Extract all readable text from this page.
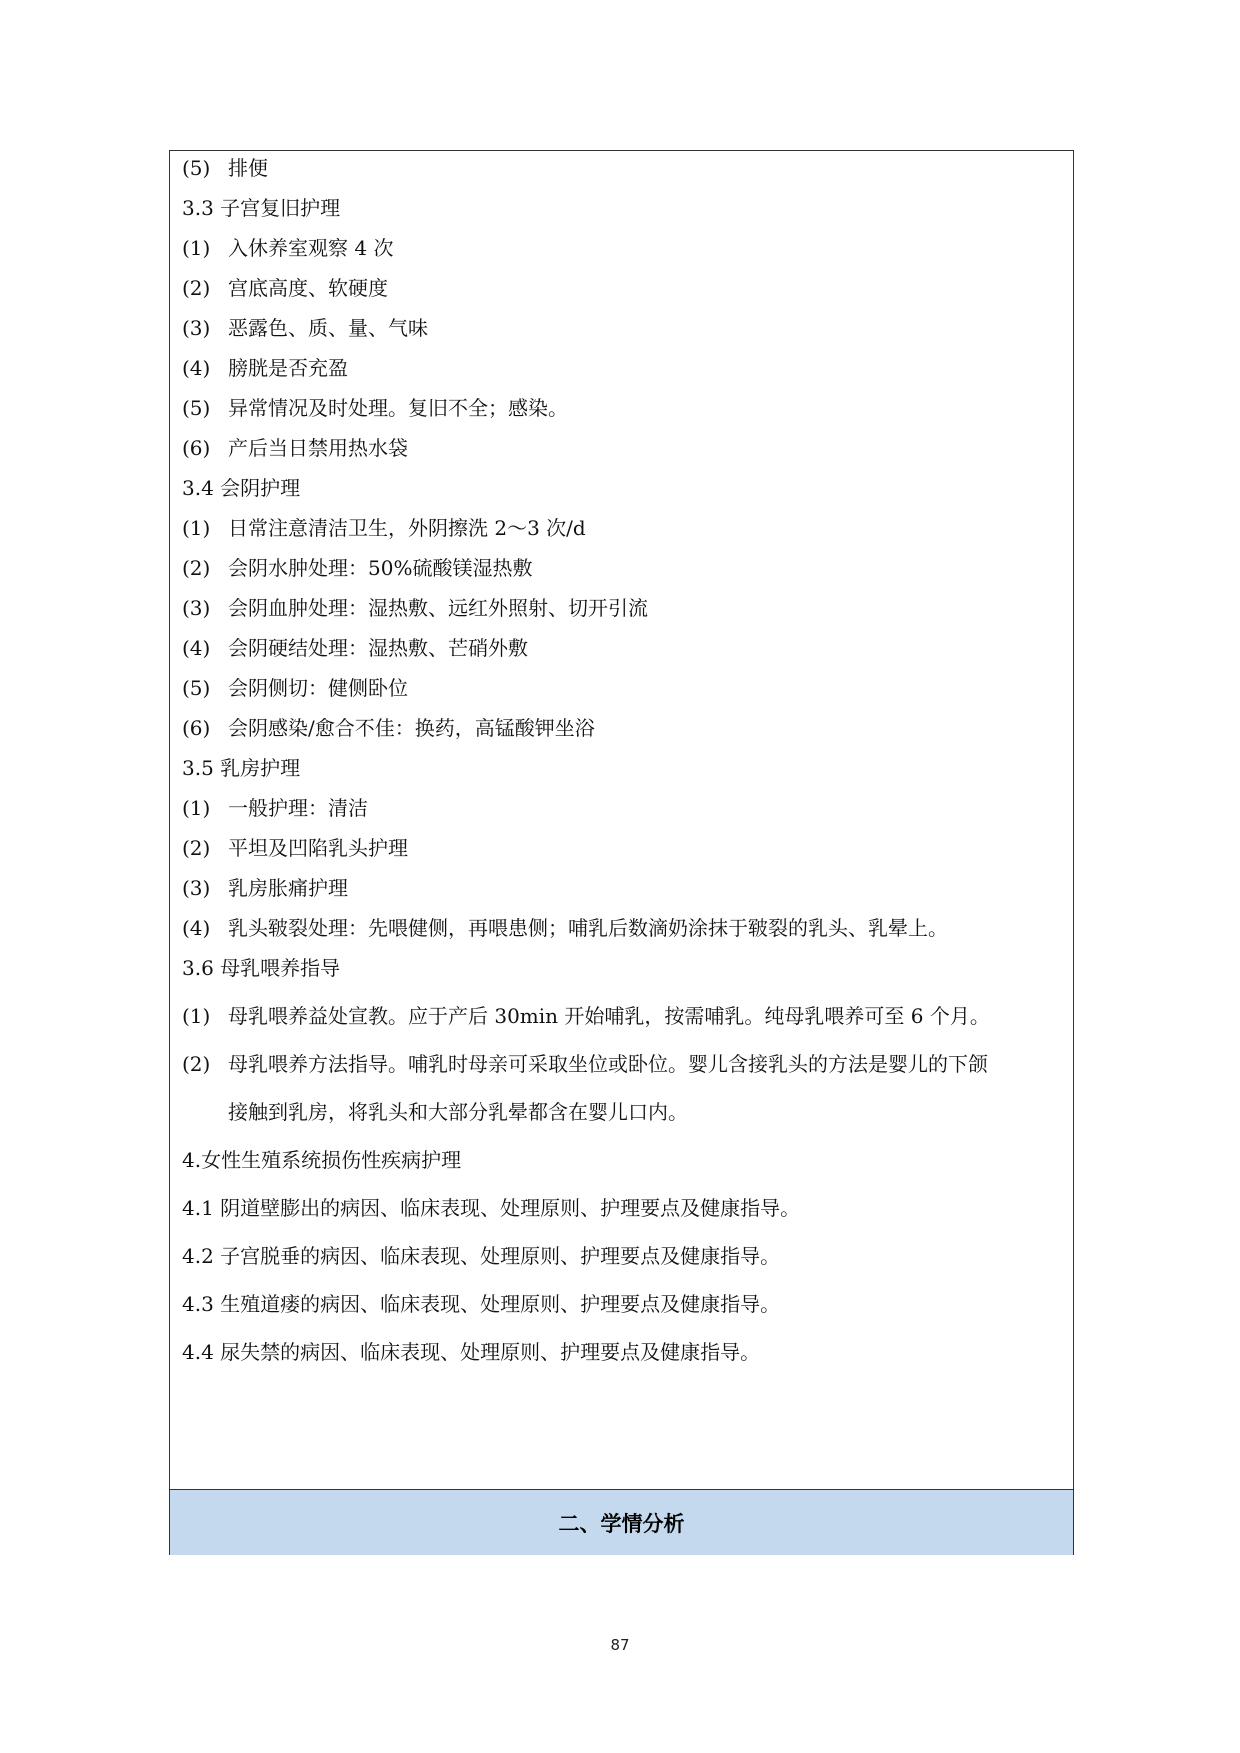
(5) 排便
3.3 子宫复旧护理
(1) 入休养室观察 4 次
(2) 宫底高度、软硬度
(3) 恶露色、质、量、气味
(4) 膀胱是否充盈
(5) 异常情况及时处理。复旧不全；感染。
(6) 产后当日禁用热水袋
3.4 会阴护理
(1) 日常注意清洁卫生，外阴擦洗 2～3 次/d
(2) 会阴水肿处理：50%硫酸镁湿热敷
(3) 会阴血肿处理：湿热敷、远红外照射、切开引流
(4) 会阴硬结处理：湿热敷、芒硝外敷
(5) 会阴侧切：健侧卧位
(6) 会阴感染/愈合不佳：换药，高锰酸钾坐浴
3.5 乳房护理
(1) 一般护理：清洁
(2) 平坦及凹陷乳头护理
(3) 乳房胀痛护理
(4) 乳头皲裂处理：先喂健侧，再喂患侧；哺乳后数滴奶涂抹于皲裂的乳头、乳晕上。
3.6 母乳喂养指导
(1) 母乳喂养益处宣教。应于产后 30min 开始哺乳，按需哺乳。纯母乳喂养可至 6 个月。
(2) 母乳喂养方法指导。哺乳时母亲可采取坐位或卧位。婴儿含接乳头的方法是婴儿的下颌
接触到乳房，将乳头和大部分乳晕都含在婴儿口内。
4.女性生殖系统损伤性疾病护理
4.1 阴道壁膨出的病因、临床表现、处理原则、护理要点及健康指导。
4.2 子宫脱垂的病因、临床表现、处理原则、护理要点及健康指导。
4.3 生殖道瘘的病因、临床表现、处理原则、护理要点及健康指导。
4.4 尿失禁的病因、临床表现、处理原则、护理要点及健康指导。
二、学情分析
87
